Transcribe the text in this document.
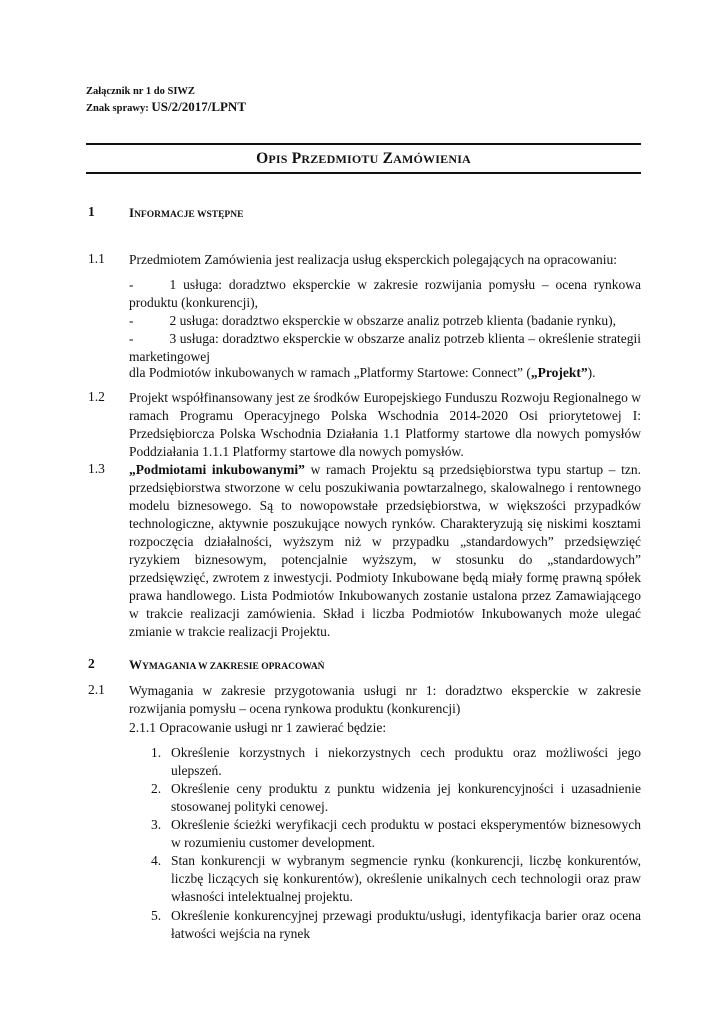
Załącznik nr 1 do SIWZ
Znak sprawy: US/2/2017/LPNT
OPIS PRZEDMIOTU ZAMÓWIENIA
1	INFORMACJE WSTĘPNE
1.1 Przedmiotem Zamówienia jest realizacja usług eksperckich polegających na opracowaniu:
-	1 usługa: doradztwo eksperckie w zakresie rozwijania pomysłu – ocena rynkowa produktu (konkurencji),
-	2 usługa: doradztwo eksperckie w obszarze analiz potrzeb klienta (badanie rynku),
-	3 usługa: doradztwo eksperckie w obszarze analiz potrzeb klienta – określenie strategii marketingowej
dla Podmiotów inkubowanych w ramach „Platformy Startowe: Connect” („Projekt”).
1.2 Projekt współfinansowany jest ze środków Europejskiego Funduszu Rozwoju Regionalnego w ramach Programu Operacyjnego Polska Wschodnia 2014-2020 Osi priorytetowej I: Przedsiębiorcza Polska Wschodnia Działania 1.1 Platformy startowe dla nowych pomysłów Poddziałania 1.1.1 Platformy startowe dla nowych pomysłów.
1.3 „Podmiotami inkubowanymi” w ramach Projektu są przedsiębiorstwa typu startup – tzn. przedsiębiorstwa stworzone w celu poszukiwania powtarzalnego, skalowalnego i rentownego modelu biznesowego. Są to nowopowstałe przedsiębiorstwa, w większości przypadków technologiczne, aktywnie poszukujące nowych rynków. Charakteryzują się niskimi kosztami rozpoczęcia działalności, wyższym niż w przypadku „standardowych” przedsięwzięć ryzykiem biznesowym, potencjalnie wyższym, w stosunku do „standardowych” przedsięwzięć, zwrotem z inwestycji. Podmioty Inkubowane będą miały formę prawną spółek prawa handlowego. Lista Podmiotów Inkubowanych zostanie ustalona przez Zamawiającego w trakcie realizacji zamówienia. Skład i liczba Podmiotów Inkubowanych może ulegać zmianie w trakcie realizacji Projektu.
2	WYMAGANIA W ZAKRESIE OPRACOWAŃ
2.1 Wymagania w zakresie przygotowania usługi nr 1: doradztwo eksperckie w zakresie rozwijania pomysłu – ocena rynkowa produktu (konkurencji)
2.1.1 Opracowanie usługi nr 1 zawierać będzie:
1. Określenie korzystnych i niekorzystnych cech produktu oraz możliwości jego ulepszeń.
2. Określenie ceny produktu z punktu widzenia jej konkurencyjności i uzasadnienie stosowanej polityki cenowej.
3. Określenie ścieżki weryfikacji cech produktu w postaci eksperymentów biznesowych w rozumieniu customer development.
4. Stan konkurencji w wybranym segmencie rynku (konkurencji, liczbę konkurentów, liczbę liczących się konkurentów), określenie unikalnych cech technologii oraz praw własności intelektualnej projektu.
5. Określenie konkurencyjnej przewagi produktu/usługi, identyfikacja barier oraz ocena łatwości wejścia na rynek
